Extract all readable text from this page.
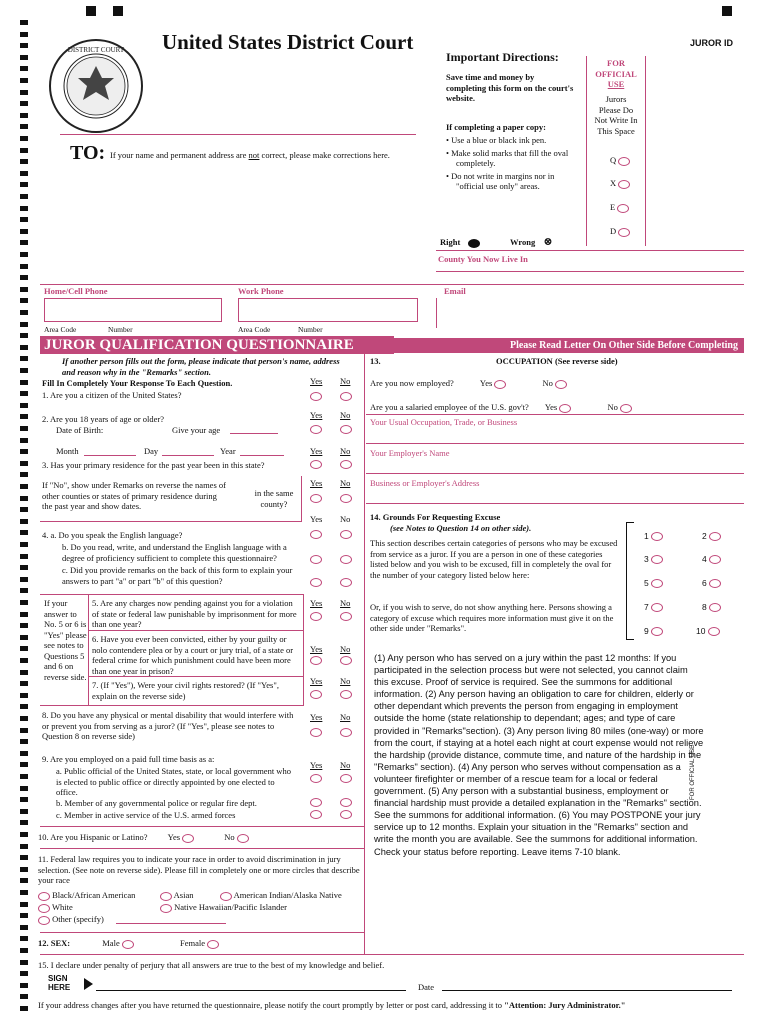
DISTRICT COURT United States District Court	JUROR ID
TO: If your name and permanent address are not correct, please make corrections here.
Important Directions:
Save time and money by completing this form on the court's website.
If completing a paper copy:
• Use a blue or black ink pen.
• Make solid marks that fill the oval completely.
• Do not write in margins nor in "official use only" areas.
Right	Wrong ⊗
FOR
OFFICIAL
USE
Jurors
Please Do
Not Write In
This Space
Q
X
E
D
County You Now Live In
Home/Cell Phone	Work Phone	Email
Area Code	Number	Area Code	Number
JUROR QUALIFICATION QUESTIONNAIRE	Please Read Letter On Other Side Before Completing
If another person fills out the form, please indicate that person's name, address and reason why in the "Remarks" section.
Fill In Completely Your Response To Each Question.	Yes No
1. Are you a citizen of the United States?
Yes No
2. Are you 18 years of age or older?
Date of Birth:	Give your age
Month	Day	Year	Yes No
3. Has your primary residence for the past year been in this state?
If "No", show under Remarks on reverse the names of other counties or states of primary residence during the past year and show dates.
in the same county?
Yes No
Yes No
4. a. Do you speak the English language?
b. Do you read, write, and understand the English language with a degree of proficiency sufficient to complete this questionnaire?
c. Did you provide remarks on the back of this form to explain your answers to part "a" or part "b" of this question?
If your answer to No. 5 or 6 is "Yes" please see notes to Questions 5 and 6 on reverse side.
5. Are any charges now pending against you for a violation of state or federal law punishable by imprisonment for more than one year?
Yes No
6. Have you ever been convicted, either by your guilty or nolo contendere plea or by a court or jury trial, of a state or federal crime for which punishment could have been more than one year in prison?
Yes No
7. (If "Yes"), Were your civil rights restored? (If "Yes", explain on the reverse side)
Yes No
8. Do you have any physical or mental disability that would interfere with or prevent you from serving as a juror? (If "Yes", please see notes to Question 8 on reverse side)
Yes No
9. Are you employed on a paid full time basis as a:
Yes No
a. Public official of the United States, state, or local government who is elected to public office or directly appointed by one elected to office.
b. Member of any governmental police or regular fire dept.
c. Member in active service of the U.S. armed forces
10. Are you Hispanic or Latino? Yes	No
11. Federal law requires you to indicate your race in order to avoid discrimination in jury selection. (See note on reverse side). Please fill in completely one or more circles that describe your race
Black/African American	Asian	American Indian/Alaska Native
White	Native Hawaiian/Pacific Islander
Other (specify)
12. SEX:	Male	Female
13.	OCCUPATION (See reverse side)
Are you now employed?	Yes	No
Are you a salaried employee of the U.S. gov't? Yes	No
Your Usual Occupation, Trade, or Business
Your Employer's Name
Business or Employer's Address
14. Grounds For Requesting Excuse
(see Notes to Question 14 on other side).
This section describes certain categories of persons who may be excused from service as a juror. If you are a person in one of these categories listed below and you wish to be excused, fill in completely the oval for the number of your category listed below here:
Or, if you wish to serve, do not show anything here. Persons showing a category of excuse which requires more information must give it on the other side under "Remarks".
1	2
3	4
5	6
7	8
9	10
(1) Any person who has served on a jury within the past 12 months: If you participated in the selection process but were not selected, you cannot claim this excuse. Proof of service is required. See the summons for additional information. (2) Any person having an obligation to care for children, elderly or other dependant which prevents the person from engaging in employment outside the home (state relationship to dependant; ages; and type of care provided in "Remarks"section). (3) Any person living 80 miles (one-way) or more from the court, if staying at a hotel each night at court expense would not relieve the hardship (provide distance, commute time, and nature of the hardship in the "Remarks" section). (4) Any person who serves without compensation as a volunteer firefighter or member of a rescue team for a local or federal government. (5) Any person with a substantial business, employment or financial hardship must provide a detailed explanation in the "Remarks" section. See the summons for additional information. (6) You may POSTPONE your jury service up to 12 months. Explain your situation in the "Remarks" section and write the month you are available. See the summons for additional information. Check your status before reporting. Leave items 7-10 blank.
FOR OFFICIAL USE
15. I declare under penalty of perjury that all answers are true to the best of my knowledge and belief.
SIGN HERE	Date
If your address changes after you have returned the questionnaire, please notify the court promptly by letter or post card, addressing it to "Attention: Jury Administrator."
